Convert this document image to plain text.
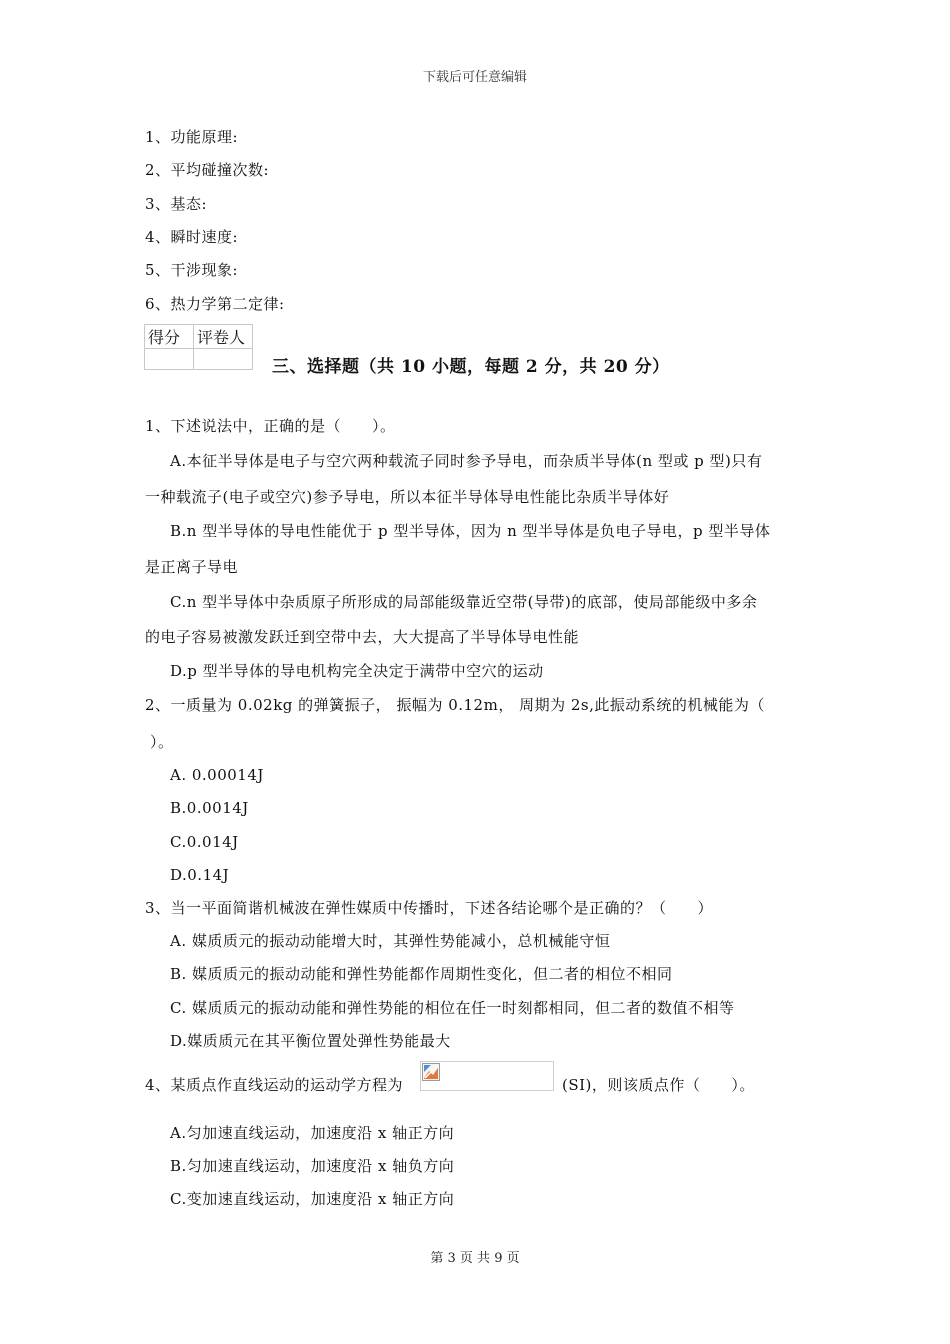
下载后可任意编辑
1、功能原理:
2、平均碰撞次数:
3、基态:
4、瞬时速度:
5、干涉现象:
6、热力学第二定律:
得分	评卷人

三、选择题（共 10 小题，每题 2 分，共 20 分）
1、下述说法中，正确的是（　　）。
A.本征半导体是电子与空穴两种载流子同时参予导电，而杂质半导体(n 型或 p 型)只有
一种载流子(电子或空穴)参予导电，所以本征半导体导电性能比杂质半导体好
B.n 型半导体的导电性能优于 p 型半导体，因为 n 型半导体是负电子导电，p 型半导体
是正离子导电
C.n 型半导体中杂质原子所形成的局部能级靠近空带(导带)的底部，使局部能级中多余
的电子容易被激发跃迁到空带中去，大大提高了半导体导电性能
D.p 型半导体的导电机构完全决定于满带中空穴的运动
2、一质量为 0.02kg 的弹簧振子， 振幅为 0.12m， 周期为 2s,此振动系统的机械能为（
）。
A. 0.00014J
B.0.0014J
C.0.014J
D.0.14J
3、当一平面简谐机械波在弹性媒质中传播时，下述各结论哪个是正确的？（　　）
A. 媒质质元的振动动能增大时，其弹性势能减小，总机械能守恒
B. 媒质质元的振动动能和弹性势能都作周期性变化，但二者的相位不相同
C. 媒质质元的振动动能和弹性势能的相位在任一时刻都相同，但二者的数值不相等
D.媒质质元在其平衡位置处弹性势能最大
4、某质点作直线运动的运动学方程为	(SI)，则该质点作（　　）。
A.匀加速直线运动，加速度沿 x 轴正方向
B.匀加速直线运动，加速度沿 x 轴负方向
C.变加速直线运动，加速度沿 x 轴正方向
第 3 页 共 9 页
